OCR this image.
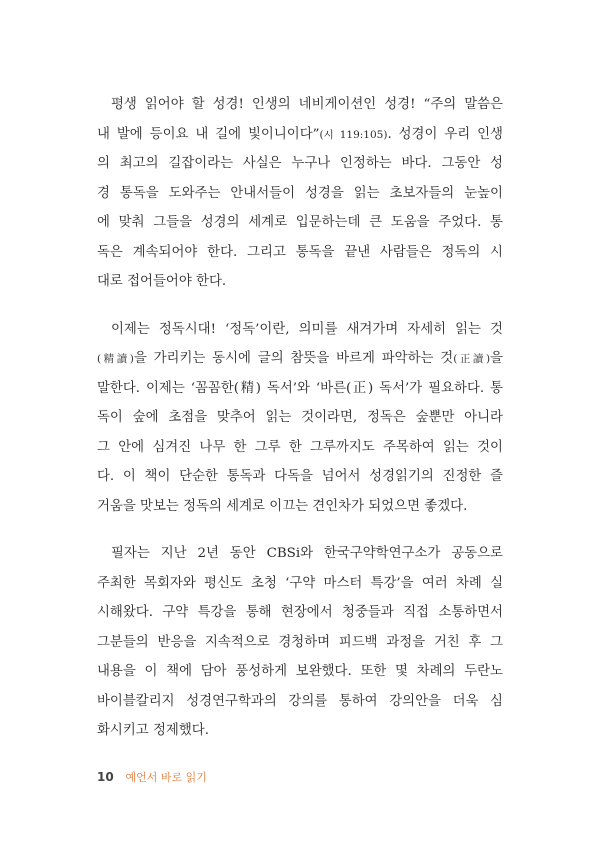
평생 읽어야 할 성경! 인생의 네비게이션인 성경! “주의 말씀은
내 발에 등이요 내 길에 빛이니이다”(시 119:105). 성경이 우리 인생
의 최고의 길잡이라는 사실은 누구나 인정하는 바다. 그동안 성
경 통독을 도와주는 안내서들이 성경을 읽는 초보자들의 눈높이
에 맞춰 그들을 성경의 세계로 입문하는데 큰 도움을 주었다. 통
독은 계속되어야 한다. 그리고 통독을 끝낸 사람들은 정독의 시
대로 접어들어야 한다.

이제는 정독시대! ‘정독’이란, 의미를 새겨가며 자세히 읽는 것
(精讀)을 가리키는 동시에 글의 참뜻을 바르게 파악하는 것(正讀)을
말한다. 이제는 ‘꼼꼼한(精) 독서’와 ‘바른(正) 독서’가 필요하다. 통
독이 숲에 초점을 맞추어 읽는 것이라면, 정독은 숲뿐만 아니라
그 안에 심겨진 나무 한 그루 한 그루까지도 주목하여 읽는 것이
다. 이 책이 단순한 통독과 다독을 넘어서 성경읽기의 진정한 즐
거움을 맛보는 정독의 세계로 이끄는 견인차가 되었으면 좋겠다.

필자는 지난 2년 동안 CBSi와 한국구약학연구소가 공동으로
주최한 목회자와 평신도 초청 ‘구약 마스터 특강’을 여러 차례 실
시해왔다. 구약 특강을 통해 현장에서 청중들과 직접 소통하면서
그분들의 반응을 지속적으로 경청하며 피드백 과정을 거친 후 그
내용을 이 책에 담아 풍성하게 보완했다. 또한 몇 차례의 두란노
바이블칼리지 성경연구학과의 강의를 통하여 강의안을 더욱 심
화시키고 정제했다.

10 예언서 바로 읽기
